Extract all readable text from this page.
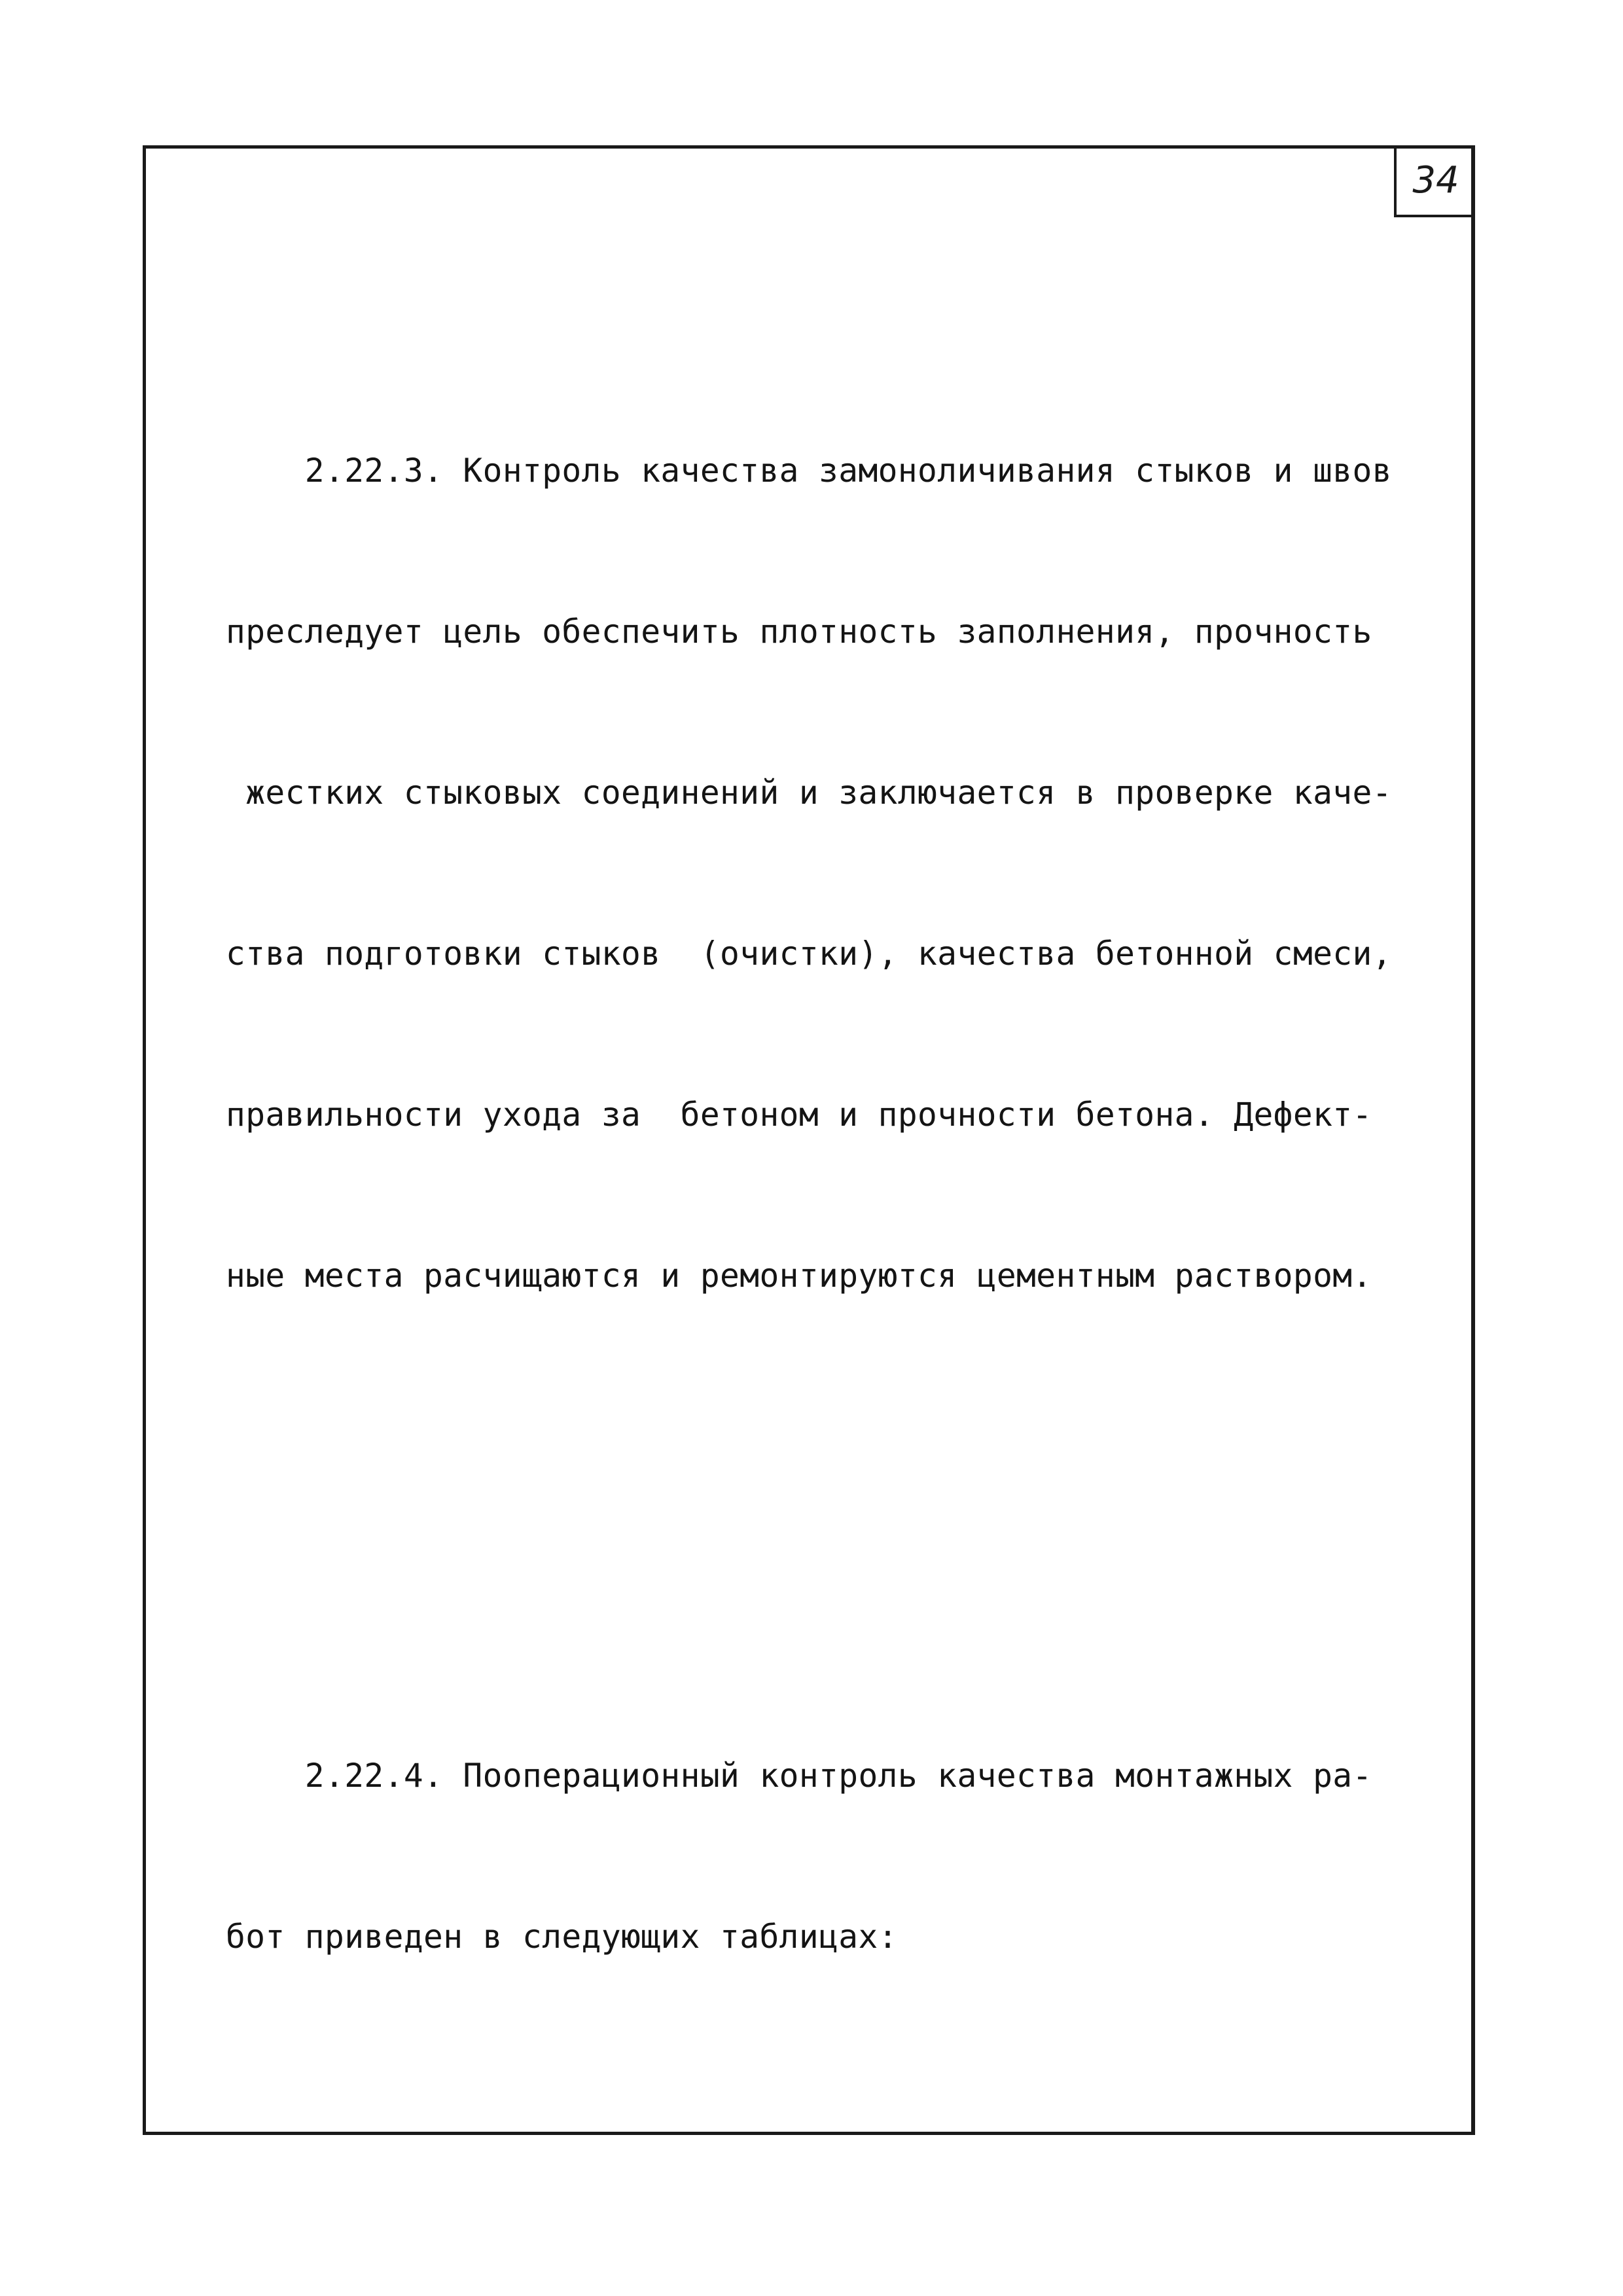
34

2.22.3. Контроль качества замоноличивания стыков и швов

преследует цель обеспечить плотность заполнения, прочность

жестких стыковых соединений и заключается в проверке каче-

ства подготовки стыков  (очистки), качества бетонной смеси,

правильности ухода за  бетоном и прочности бетона. Дефект-

ные места расчищаются и ремонтируются цементным раствором.

2.22.4. Пооперационный контроль качества монтажных ра-

бот приведен в следующих таблицах:
